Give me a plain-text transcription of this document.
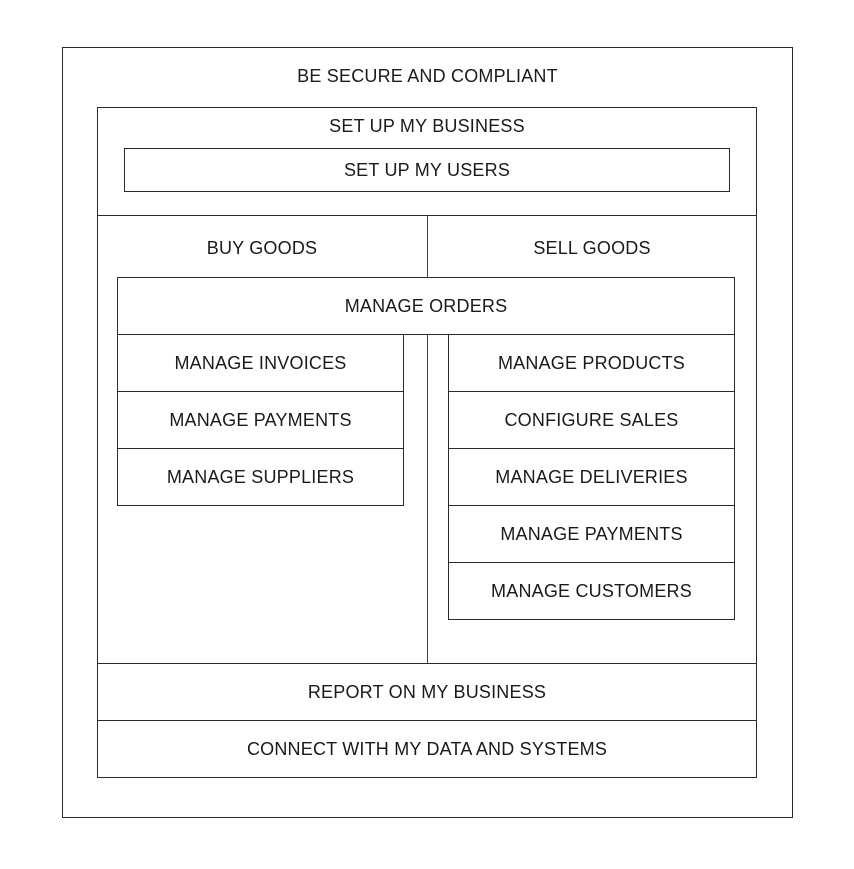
BE SECURE AND COMPLIANT
SET UP MY BUSINESS
SET UP MY USERS
BUY GOODS	SELL GOODS
MANAGE ORDERS
MANAGE INVOICES
MANAGE PAYMENTS
MANAGE SUPPLIERS
MANAGE PRODUCTS
CONFIGURE SALES
MANAGE DELIVERIES
MANAGE PAYMENTS
MANAGE CUSTOMERS
REPORT ON MY BUSINESS
CONNECT WITH MY DATA AND SYSTEMS
